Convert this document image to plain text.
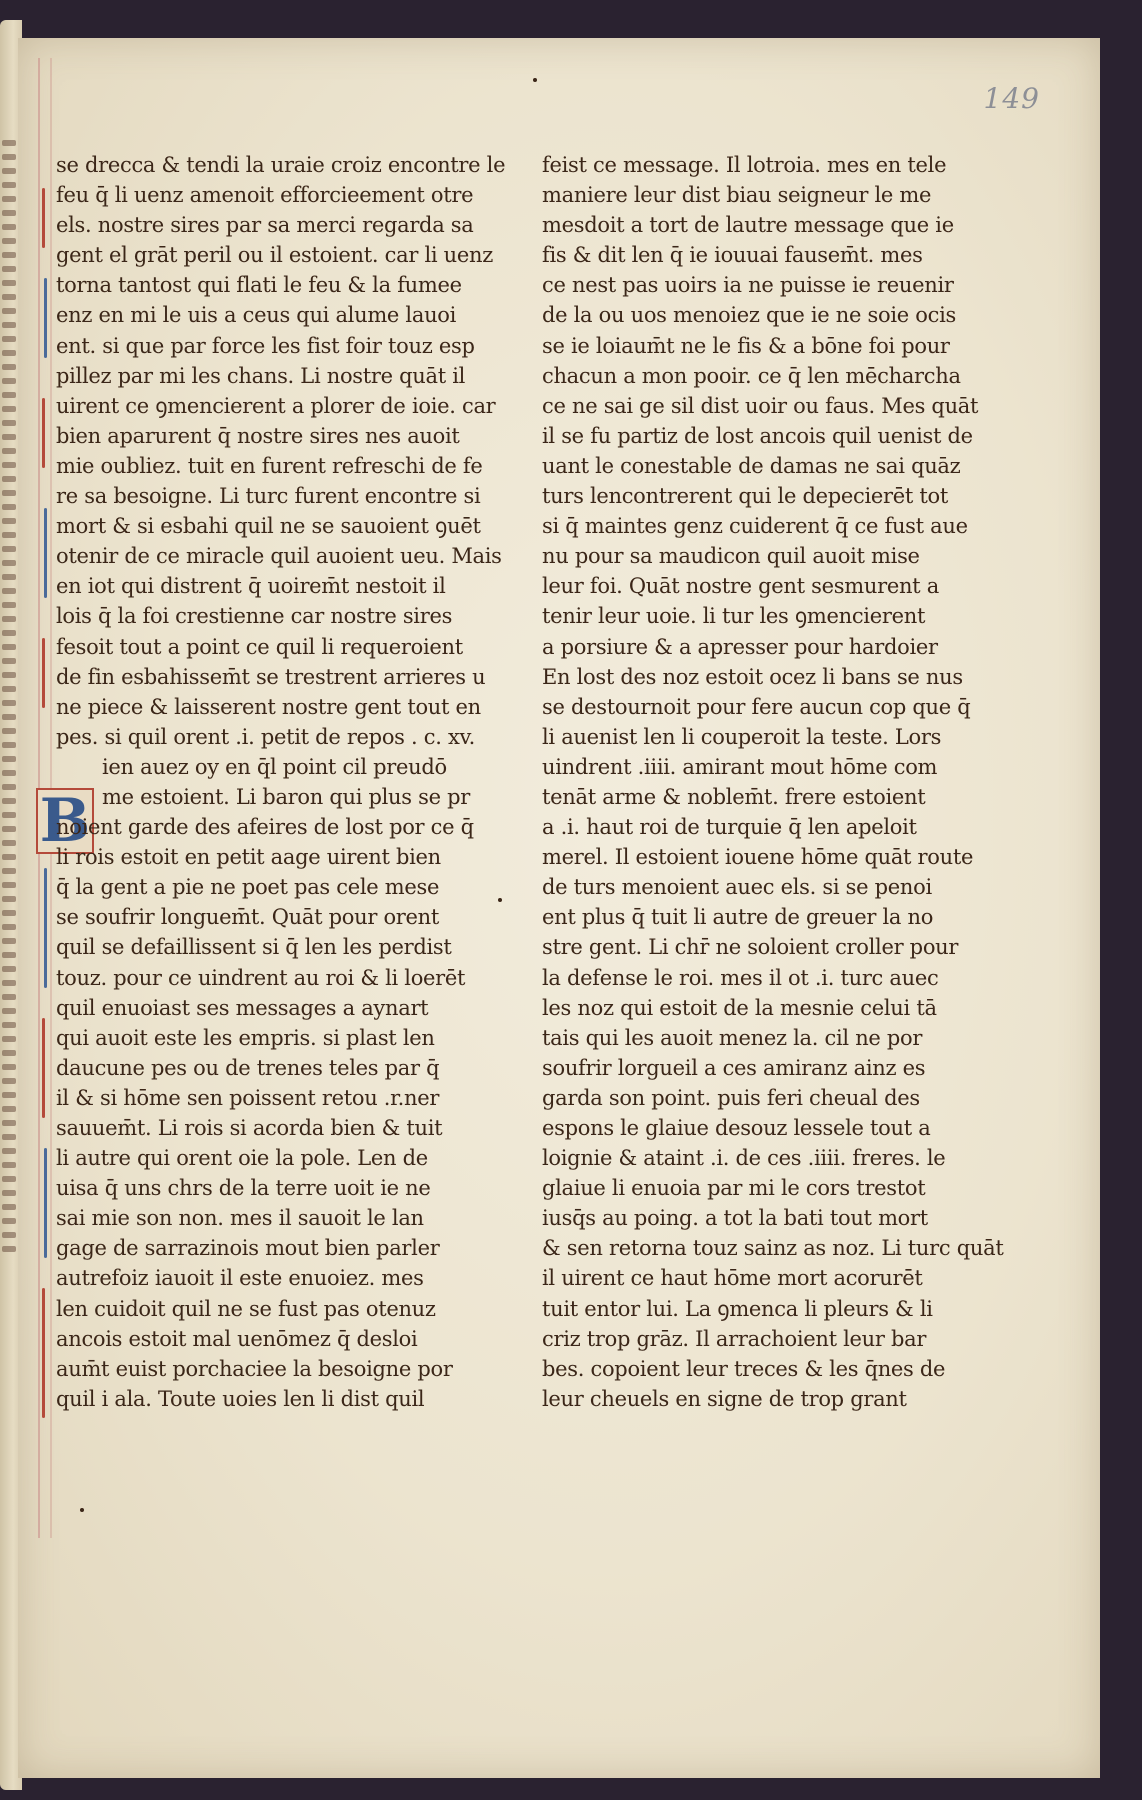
149
B
se drecca & tendi la uraie croiz encontre le
feu q̄ li uenz amenoit efforcieement otre
els. nostre sires par sa merci regarda sa
gent el grāt peril ou il estoient. car li uenz
torna tantost qui flati le feu & la fumee
enz en mi le uis a ceus qui alume lauoi
ent. si que par force les fist foir touz esp
pillez par mi les chans. Li nostre quāt il
uirent ce ꝯmencierent a plorer de ioie. car
bien aparurent q̄ nostre sires nes auoit
mie oubliez. tuit en furent refreschi de fe
re sa besoigne. Li turc furent encontre si
mort & si esbahi quil ne se sauoient ꝯuēt
otenir de ce miracle quil auoient ueu. Mais
en iot qui distrent q̄ uoirem̄t nestoit il
lois q̄ la foi crestienne car nostre sires
fesoit tout a point ce quil li requeroient
de fin esbahissem̄t se trestrent arrieres u
ne piece & laisserent nostre gent tout en
pes. si quil orent .i. petit de repos . c. xv.
ien auez oy en q̄l point cil preudō
me estoient. Li baron qui plus se pr
noient garde des afeires de lost por ce q̄
li rois estoit en petit aage uirent bien
q̄ la gent a pie ne poet pas cele mese
se soufrir longuem̄t. Quāt pour orent
quil se defaillissent si q̄ len les perdist
touz. pour ce uindrent au roi & li loerēt
quil enuoiast ses messages a aynart
qui auoit este les empris. si plast len
daucune pes ou de trenes teles par q̄
il & si hōme sen poissent retou .r.ner
sauuem̄t. Li rois si acorda bien & tuit
li autre qui orent oie la pole. Len de
uisa q̄ uns chrs de la terre uoit ie ne
sai mie son non. mes il sauoit le lan
gage de sarrazinois mout bien parler
autrefoiz iauoit il este enuoiez. mes
len cuidoit quil ne se fust pas otenuz
ancois estoit mal uenōmez q̄ desloi
aum̄t euist porchaciee la besoigne por
quil i ala. Toute uoies len li dist quil
feist ce message. Il lotroia. mes en tele
maniere leur dist biau seigneur le me
mesdoit a tort de lautre message que ie
fis & dit len q̄ ie iouuai fausem̄t. mes
ce nest pas uoirs ia ne puisse ie reuenir
de la ou uos menoiez que ie ne soie ocis
se ie loiaum̄t ne le fis & a bōne foi pour
chacun a mon pooir. ce q̄ len mēcharcha
ce ne sai ge sil dist uoir ou faus. Mes quāt
il se fu partiz de lost ancois quil uenist de
uant le conestable de damas ne sai quāz
turs lencontrerent qui le depecierēt tot
si q̄ maintes genz cuiderent q̄ ce fust aue
nu pour sa maudicon quil auoit mise
leur foi. Quāt nostre gent sesmurent a
tenir leur uoie. li tur les ꝯmencierent
a porsiure & a apresser pour hardoier
En lost des noz estoit ocez li bans se nus
se destournoit pour fere aucun cop que q̄
li auenist len li couperoit la teste. Lors
uindrent .iiii. amirant mout hōme com
tenāt arme & noblem̄t. frere estoient
a .i. haut roi de turquie q̄ len apeloit
merel. Il estoient iouene hōme quāt route
de turs menoient auec els. si se penoi
ent plus q̄ tuit li autre de greuer la no
stre gent. Li chr̄ ne soloient croller pour
la defense le roi. mes il ot .i. turc auec
les noz qui estoit de la mesnie celui tā
tais qui les auoit menez la. cil ne por
soufrir lorgueil a ces amiranz ainz es
garda son point. puis feri cheual des
espons le glaiue desouz lessele tout a
loignie & ataint .i. de ces .iiii. freres. le
glaiue li enuoia par mi le cors trestot
iusq̄s au poing. a tot la bati tout mort
& sen retorna touz sainz as noz. Li turc quāt
il uirent ce haut hōme mort acorurēt
tuit entor lui. La ꝯmenca li pleurs & li
criz trop grāz. Il arrachoient leur bar
bes. copoient leur treces & les q̄nes de
leur cheuels en signe de trop grant
